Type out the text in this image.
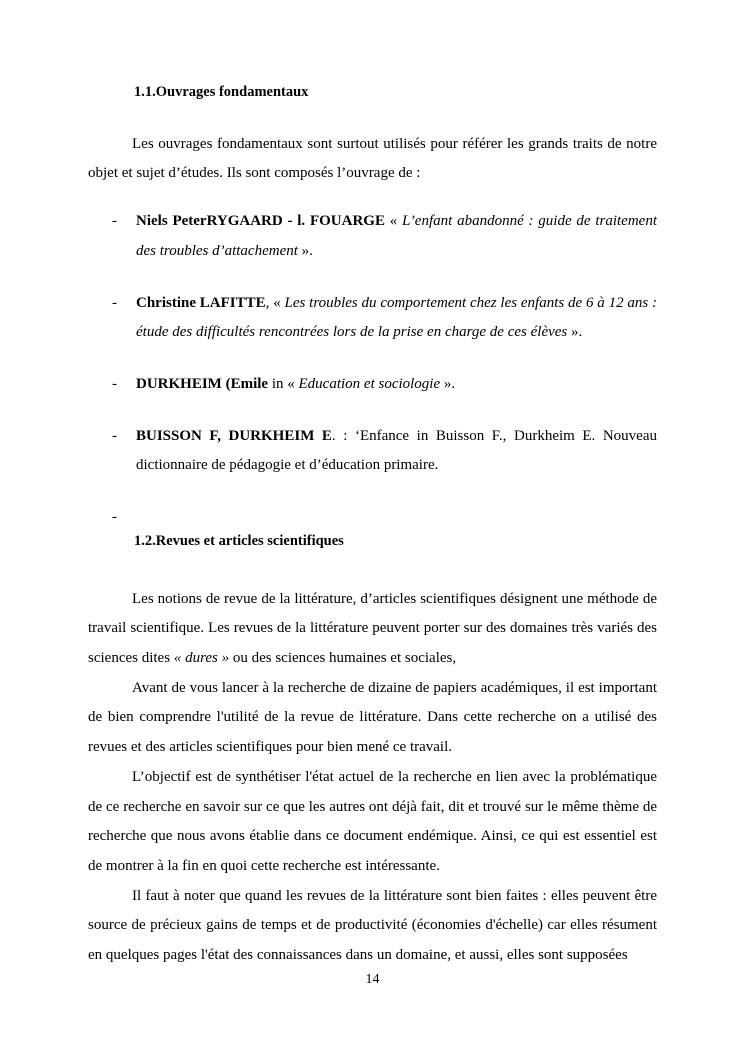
1.1.Ouvrages fondamentaux

Les ouvrages fondamentaux sont surtout utilisés pour référer les grands traits de notre objet et sujet d’études. Ils sont composés l’ouvrage de :

- Niels PeterRYGAARD - l. FOUARGE « L’enfant abandonné : guide de traitement des troubles d’attachement ».
- Christine LAFITTE, « Les troubles du comportement chez les enfants de 6 à 12 ans : étude des difficultés rencontrées lors de la prise en charge de ces élèves ».
- DURKHEIM (Emile in « Education et sociologie ».
- BUISSON F, DURKHEIM E. : ‘Enfance in Buisson F., Durkheim E. Nouveau dictionnaire de pédagogie et d’éducation primaire.
-
1.2.Revues et articles scientifiques

Les notions de revue de la littérature, d’articles scientifiques désignent une méthode de travail scientifique. Les revues de la littérature peuvent porter sur des domaines très variés des sciences dites « dures » ou des sciences humaines et sociales,

Avant de vous lancer à la recherche de dizaine de papiers académiques, il est important de bien comprendre l'utilité de la revue de littérature. Dans cette recherche on a utilisé des revues et des articles scientifiques pour bien mené ce travail.

L’objectif est de synthétiser l'état actuel de la recherche en lien avec la problématique de ce recherche en savoir sur ce que les autres ont déjà fait, dit et trouvé sur le même thème de recherche que nous avons établie dans ce document endémique. Ainsi, ce qui est essentiel est de montrer à la fin en quoi cette recherche est intéressante.

Il faut à noter que quand les revues de la littérature sont bien faites : elles peuvent être source de précieux gains de temps et de productivité (économies d'échelle) car elles résument en quelques pages l'état des connaissances dans un domaine, et aussi, elles sont supposées

14
